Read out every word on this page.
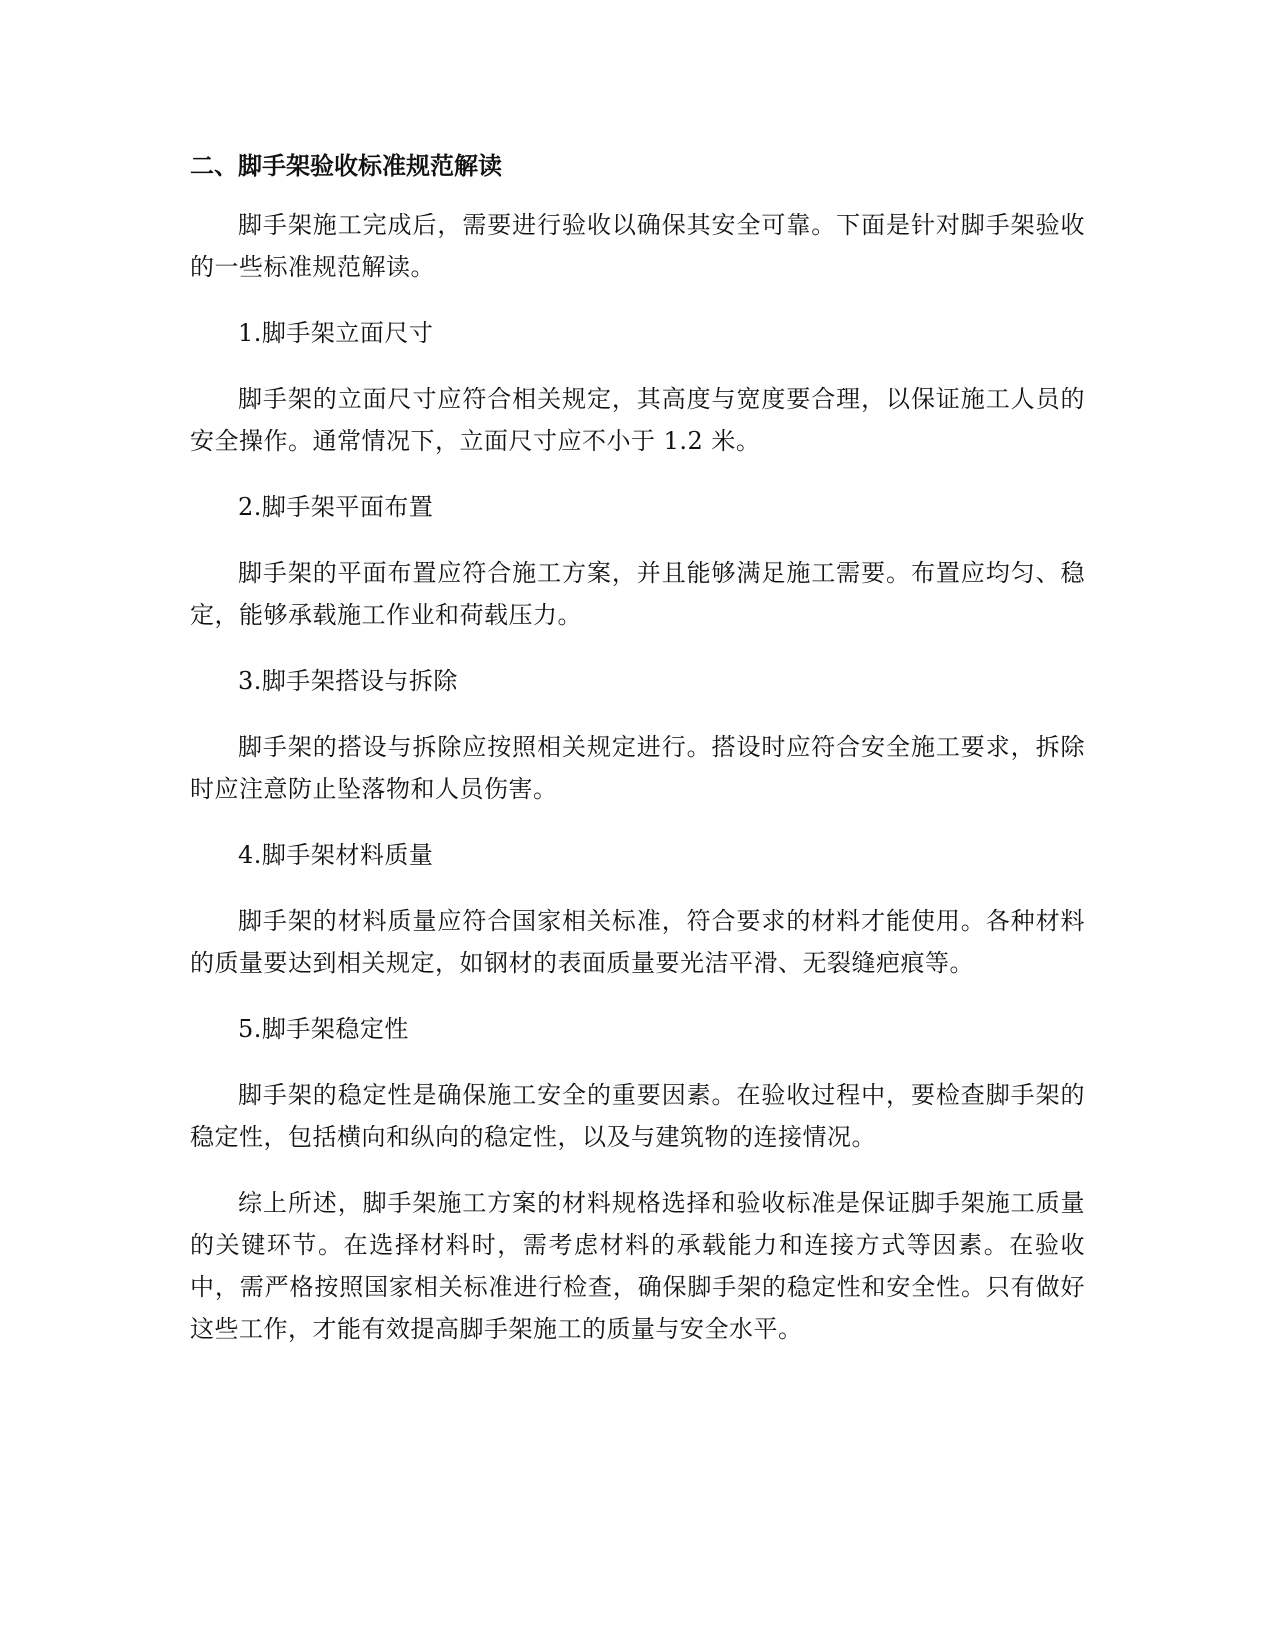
二、脚手架验收标准规范解读

脚手架施工完成后，需要进行验收以确保其安全可靠。下面是针对脚手架验收的一些标准规范解读。

1.脚手架立面尺寸

脚手架的立面尺寸应符合相关规定，其高度与宽度要合理，以保证施工人员的安全操作。通常情况下，立面尺寸应不小于 1.2 米。

2.脚手架平面布置

脚手架的平面布置应符合施工方案，并且能够满足施工需要。布置应均匀、稳定，能够承载施工作业和荷载压力。

3.脚手架搭设与拆除

脚手架的搭设与拆除应按照相关规定进行。搭设时应符合安全施工要求，拆除时应注意防止坠落物和人员伤害。

4.脚手架材料质量

脚手架的材料质量应符合国家相关标准，符合要求的材料才能使用。各种材料的质量要达到相关规定，如钢材的表面质量要光洁平滑、无裂缝疤痕等。

5.脚手架稳定性

脚手架的稳定性是确保施工安全的重要因素。在验收过程中，要检查脚手架的稳定性，包括横向和纵向的稳定性，以及与建筑物的连接情况。

综上所述，脚手架施工方案的材料规格选择和验收标准是保证脚手架施工质量的关键环节。在选择材料时，需考虑材料的承载能力和连接方式等因素。在验收中，需严格按照国家相关标准进行检查，确保脚手架的稳定性和安全性。只有做好这些工作，才能有效提高脚手架施工的质量与安全水平。
